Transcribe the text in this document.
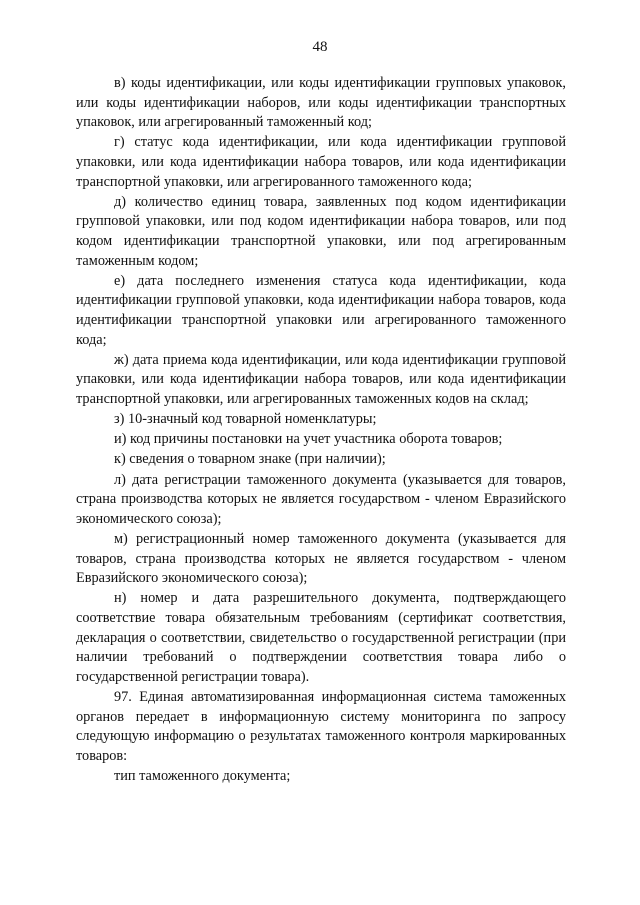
48

в) коды идентификации, или коды идентификации групповых упаковок, или коды идентификации наборов, или коды идентификации транспортных упаковок, или агрегированный таможенный код;

г) статус кода идентификации, или кода идентификации групповой упаковки, или кода идентификации набора товаров, или кода идентификации транспортной упаковки, или агрегированного таможенного кода;

д) количество единиц товара, заявленных под кодом идентификации групповой упаковки, или под кодом идентификации набора товаров, или под кодом идентификации транспортной упаковки, или под агрегированным таможенным кодом;

е) дата последнего изменения статуса кода идентификации, кода идентификации групповой упаковки, кода идентификации набора товаров, кода идентификации транспортной упаковки или агрегированного таможенного кода;

ж) дата приема кода идентификации, или кода идентификации групповой упаковки, или кода идентификации набора товаров, или кода идентификации транспортной упаковки, или агрегированных таможенных кодов на склад;

з) 10-значный код товарной номенклатуры;

и) код причины постановки на учет участника оборота товаров;

к) сведения о товарном знаке (при наличии);

л) дата регистрации таможенного документа (указывается для товаров, страна производства которых не является государством - членом Евразийского экономического союза);

м) регистрационный номер таможенного документа (указывается для товаров, страна производства которых не является государством - членом Евразийского экономического союза);

н) номер и дата разрешительного документа, подтверждающего соответствие товара обязательным требованиям (сертификат соответствия, декларация о соответствии, свидетельство о государственной регистрации (при наличии требований о подтверждении соответствия товара либо о государственной регистрации товара).

97. Единая автоматизированная информационная система таможенных органов передает в информационную систему мониторинга по запросу следующую информацию о результатах таможенного контроля маркированных товаров:

тип таможенного документа;
